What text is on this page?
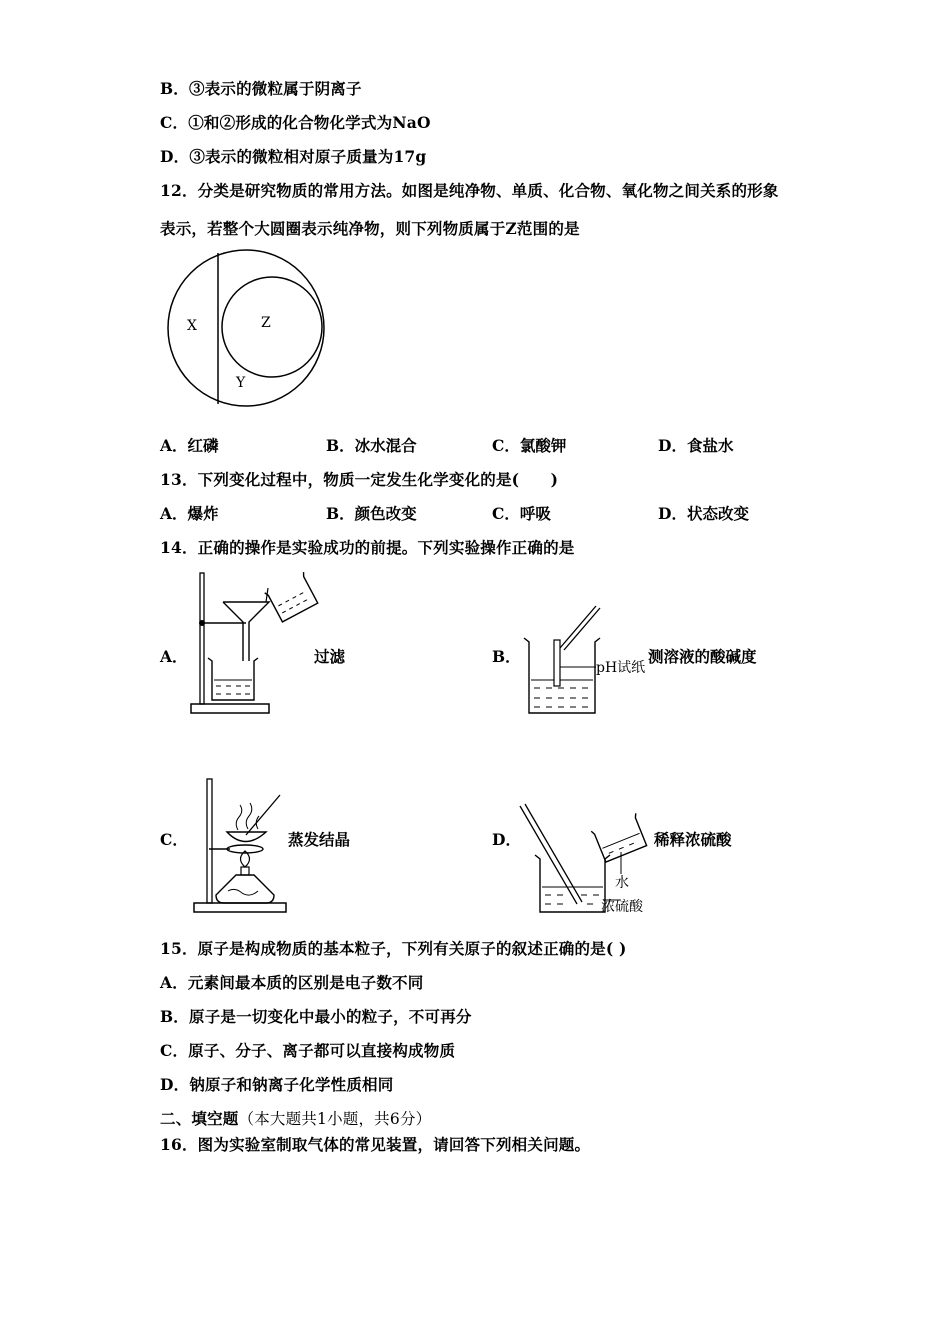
B．③表示的微粒属于阴离子
C．①和②形成的化合物化学式为NaO
D．③表示的微粒相对原子质量为17g
12．分类是研究物质的常用方法。如图是纯净物、单质、化合物、氧化物之间关系的形象
表示，若整个大圆圈表示纯净物，则下列物质属于Z范围的是
X	Z
Y
A．红磷	B．冰水混合	C．氯酸钾	D．食盐水
13．下列变化过程中，物质一定发生化学变化的是(　　)
A．爆炸	B．颜色改变	C．呼吸	D．状态改变
14．正确的操作是实验成功的前提。下列实验操作正确的是
A．	过滤	B．
pH试纸
测溶液的酸碱度
C．	蒸发结晶	D．
水
浓硫酸
稀释浓硫酸
15．原子是构成物质的基本粒子，下列有关原子的叙述正确的是( )
A．元素间最本质的区别是电子数不同
B．原子是一切变化中最小的粒子，不可再分
C．原子、分子、离子都可以直接构成物质
D．钠原子和钠离子化学性质相同
二、填空题（本大题共1小题，共6分）
16．图为实验室制取气体的常见装置，请回答下列相关问题。
